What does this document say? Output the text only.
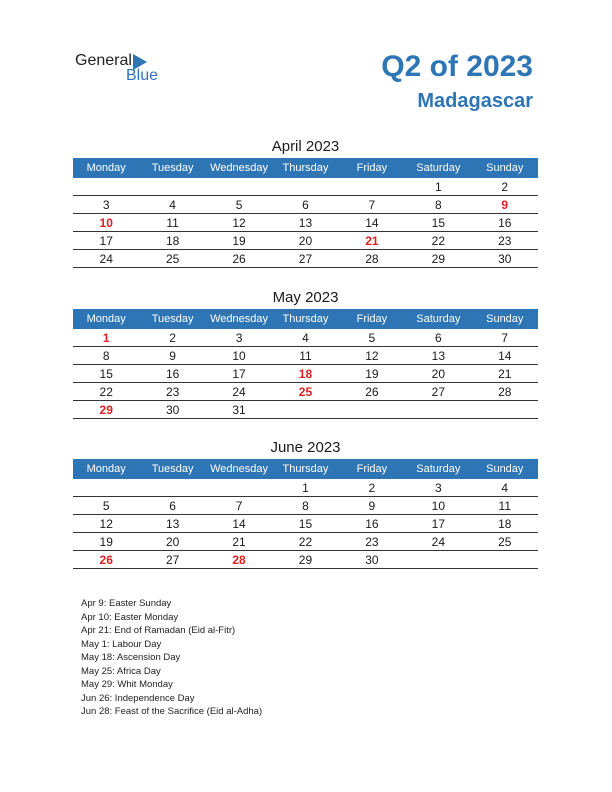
General
Blue	Q2 of 2023
Madagascar
April 2023
Monday	Tuesday	Wednesday	Thursday	Friday	Saturday	Sunday
					1	2
3	4	5	6	7	8	9
10	11	12	13	14	15	16
17	18	19	20	21	22	23
24	25	26	27	28	29	30
May 2023
Monday	Tuesday	Wednesday	Thursday	Friday	Saturday	Sunday
1	2	3	4	5	6	7
8	9	10	11	12	13	14
15	16	17	18	19	20	21
22	23	24	25	26	27	28
29	30	31				
June 2023
Monday	Tuesday	Wednesday	Thursday	Friday	Saturday	Sunday
			1	2	3	4
5	6	7	8	9	10	11
12	13	14	15	16	17	18
19	20	21	22	23	24	25
26	27	28	29	30		
Apr 9: Easter Sunday
Apr 10: Easter Monday
Apr 21: End of Ramadan (Eid al-Fitr)
May 1: Labour Day
May 18: Ascension Day
May 25: Africa Day
May 29: Whit Monday
Jun 26: Independence Day
Jun 28: Feast of the Sacrifice (Eid al-Adha)
